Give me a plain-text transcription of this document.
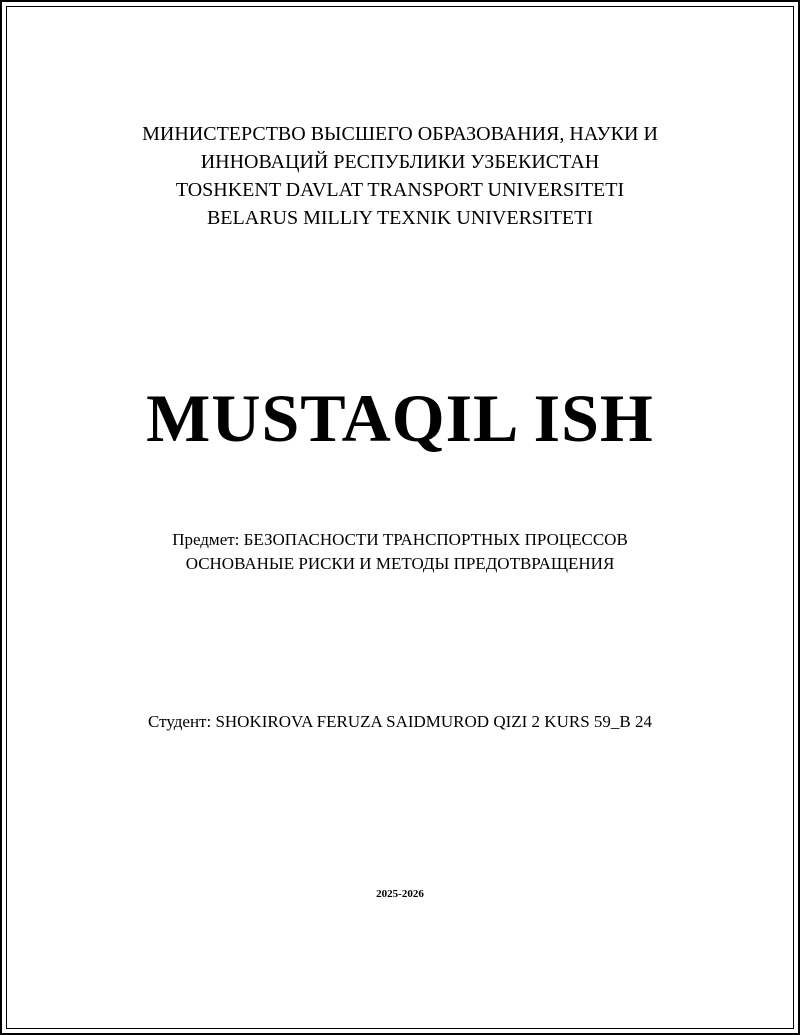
МИНИСТЕРСТВО ВЫСШЕГО ОБРАЗОВАНИЯ, НАУКИ И
ИННОВАЦИЙ РЕСПУБЛИКИ УЗБЕКИСТАН
TOSHKENT DAVLAT TRANSPORT UNIVERSITETI
BELARUS MILLIY TEXNIK UNIVERSITETI
MUSTAQIL ISH
Предмет: БЕЗОПАСНОСТИ ТРАНСПОРТНЫХ ПРОЦЕССОВ
ОСНОВАНЫЕ РИСКИ И МЕТОДЫ ПРЕДОТВРАЩЕНИЯ
Студент: SHOKIROVA FERUZA SAIDMUROD QIZI 2 KURS 59_B 24
2025-2026
